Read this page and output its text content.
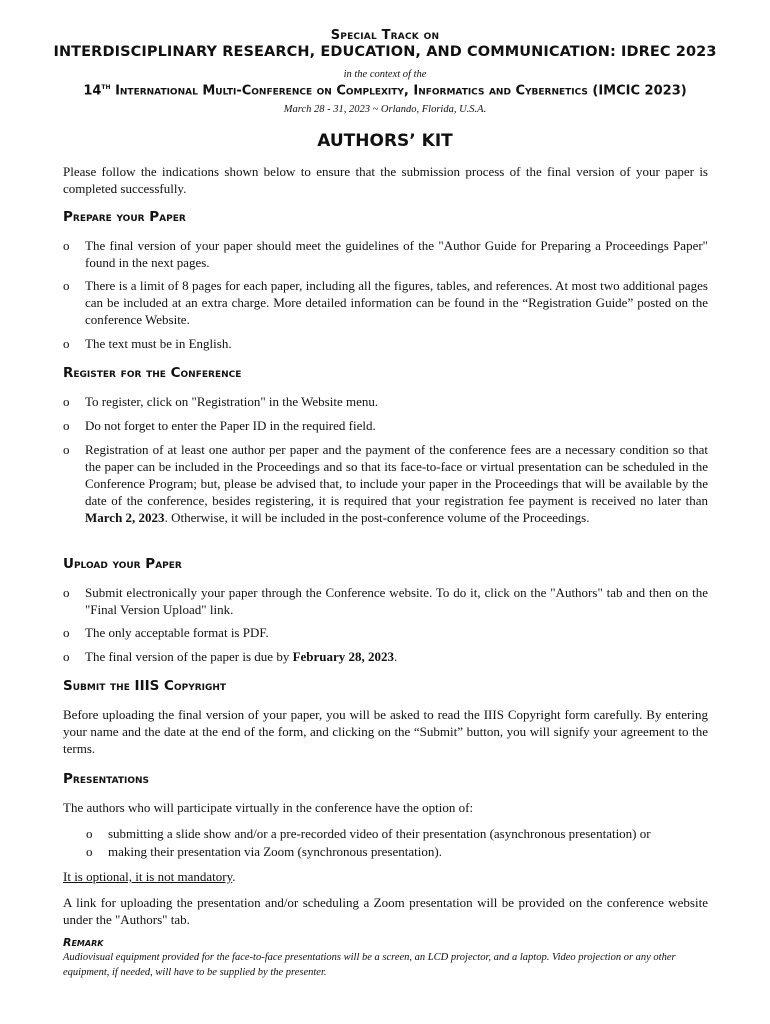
Special Track on
INTERDISCIPLINARY RESEARCH, EDUCATION, AND COMMUNICATION: IDREC 2023
in the context of the
14th International Multi-Conference on Complexity, Informatics and Cybernetics (IMCIC 2023)
March 28 - 31, 2023 ~ Orlando, Florida, U.S.A.
AUTHORS’ KIT
Please follow the indications shown below to ensure that the submission process of the final version of your paper is completed successfully.
Prepare your Paper
o The final version of your paper should meet the guidelines of the "Author Guide for Preparing a Proceedings Paper" found in the next pages.
o There is a limit of 8 pages for each paper, including all the figures, tables, and references. At most two additional pages can be included at an extra charge. More detailed information can be found in the “Registration Guide” posted on the conference Website.
o The text must be in English.
Register for the Conference
o To register, click on "Registration" in the Website menu.
o Do not forget to enter the Paper ID in the required field.
o Registration of at least one author per paper and the payment of the conference fees are a necessary condition so that the paper can be included in the Proceedings and so that its face-to-face or virtual presentation can be scheduled in the Conference Program; but, please be advised that, to include your paper in the Proceedings that will be available by the date of the conference, besides registering, it is required that your registration fee payment is received no later than March 2, 2023. Otherwise, it will be included in the post-conference volume of the Proceedings.
Upload your Paper
o Submit electronically your paper through the Conference website. To do it, click on the "Authors" tab and then on the "Final Version Upload" link.
o The only acceptable format is PDF.
o The final version of the paper is due by February 28, 2023.
Submit the IIIS Copyright
Before uploading the final version of your paper, you will be asked to read the IIIS Copyright form carefully. By entering your name and the date at the end of the form, and clicking on the “Submit” button, you will signify your agreement to the terms.
Presentations
The authors who will participate virtually in the conference have the option of:
o submitting a slide show and/or a pre-recorded video of their presentation (asynchronous presentation) or
o making their presentation via Zoom (synchronous presentation).
It is optional, it is not mandatory.
A link for uploading the presentation and/or scheduling a Zoom presentation will be provided on the conference website under the "Authors" tab.
Remark
Audiovisual equipment provided for the face-to-face presentations will be a screen, an LCD projector, and a laptop. Video projection or any other equipment, if needed, will have to be supplied by the presenter.
